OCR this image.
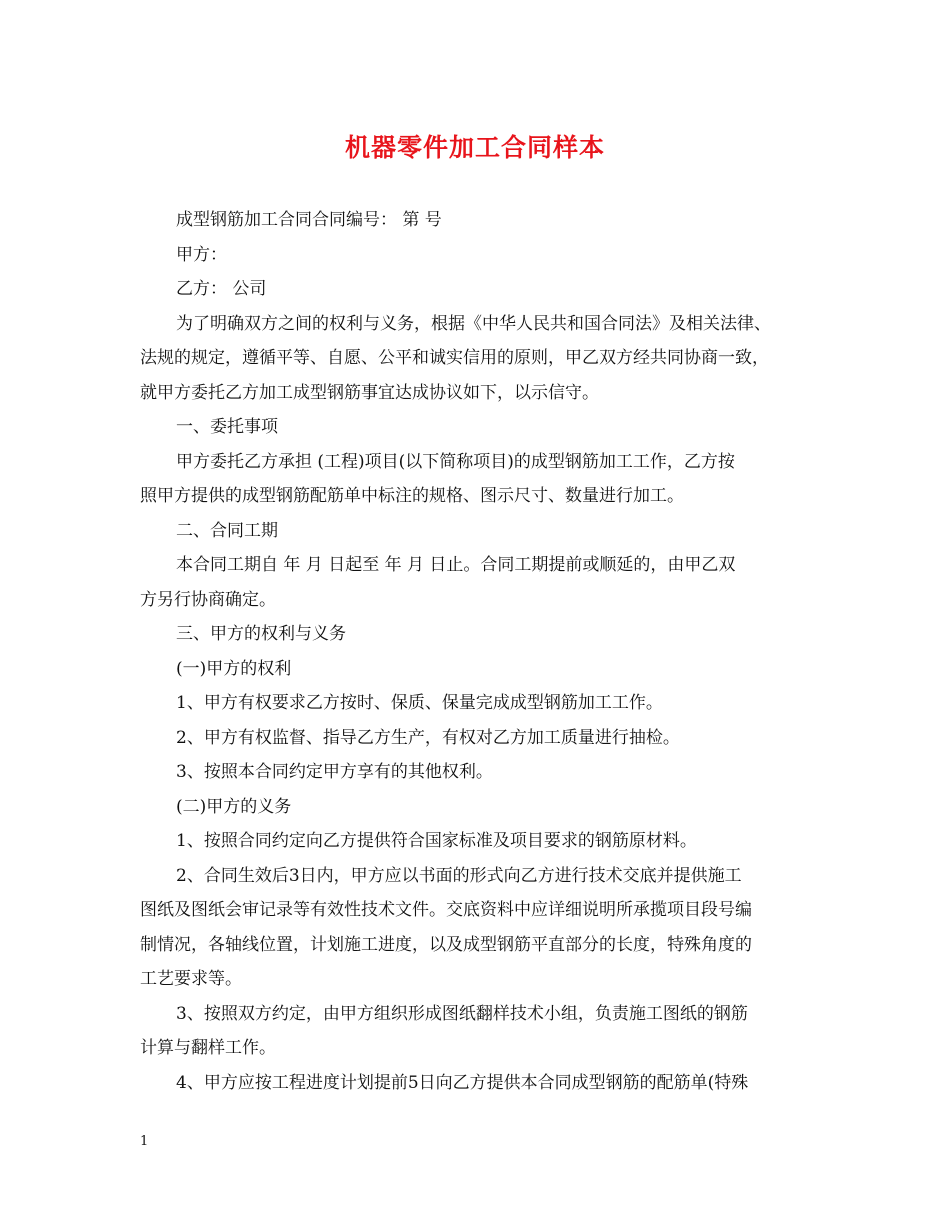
机器零件加工合同样本
成型钢筋加工合同合同编号： 第 号
甲方：
乙方： 公司
为了明确双方之间的权利与义务，根据《中华人民共和国合同法》及相关法律、
法规的规定，遵循平等、自愿、公平和诚实信用的原则，甲乙双方经共同协商一致，
就甲方委托乙方加工成型钢筋事宜达成协议如下，以示信守。
一、委托事项
甲方委托乙方承担 (工程)项目(以下简称项目)的成型钢筋加工工作，乙方按
照甲方提供的成型钢筋配筋单中标注的规格、图示尺寸、数量进行加工。
二、合同工期
本合同工期自 年 月 日起至 年 月 日止。合同工期提前或顺延的，由甲乙双
方另行协商确定。
三、甲方的权利与义务
(一)甲方的权利
1、甲方有权要求乙方按时、保质、保量完成成型钢筋加工工作。
2、甲方有权监督、指导乙方生产，有权对乙方加工质量进行抽检。
3、按照本合同约定甲方享有的其他权利。
(二)甲方的义务
1、按照合同约定向乙方提供符合国家标准及项目要求的钢筋原材料。
2、合同生效后3日内，甲方应以书面的形式向乙方进行技术交底并提供施工
图纸及图纸会审记录等有效性技术文件。交底资料中应详细说明所承揽项目段号编
制情况，各轴线位置，计划施工进度，以及成型钢筋平直部分的长度，特殊角度的
工艺要求等。
3、按照双方约定，由甲方组织形成图纸翻样技术小组，负责施工图纸的钢筋
计算与翻样工作。
4、甲方应按工程进度计划提前5日向乙方提供本合同成型钢筋的配筋单(特殊
1
